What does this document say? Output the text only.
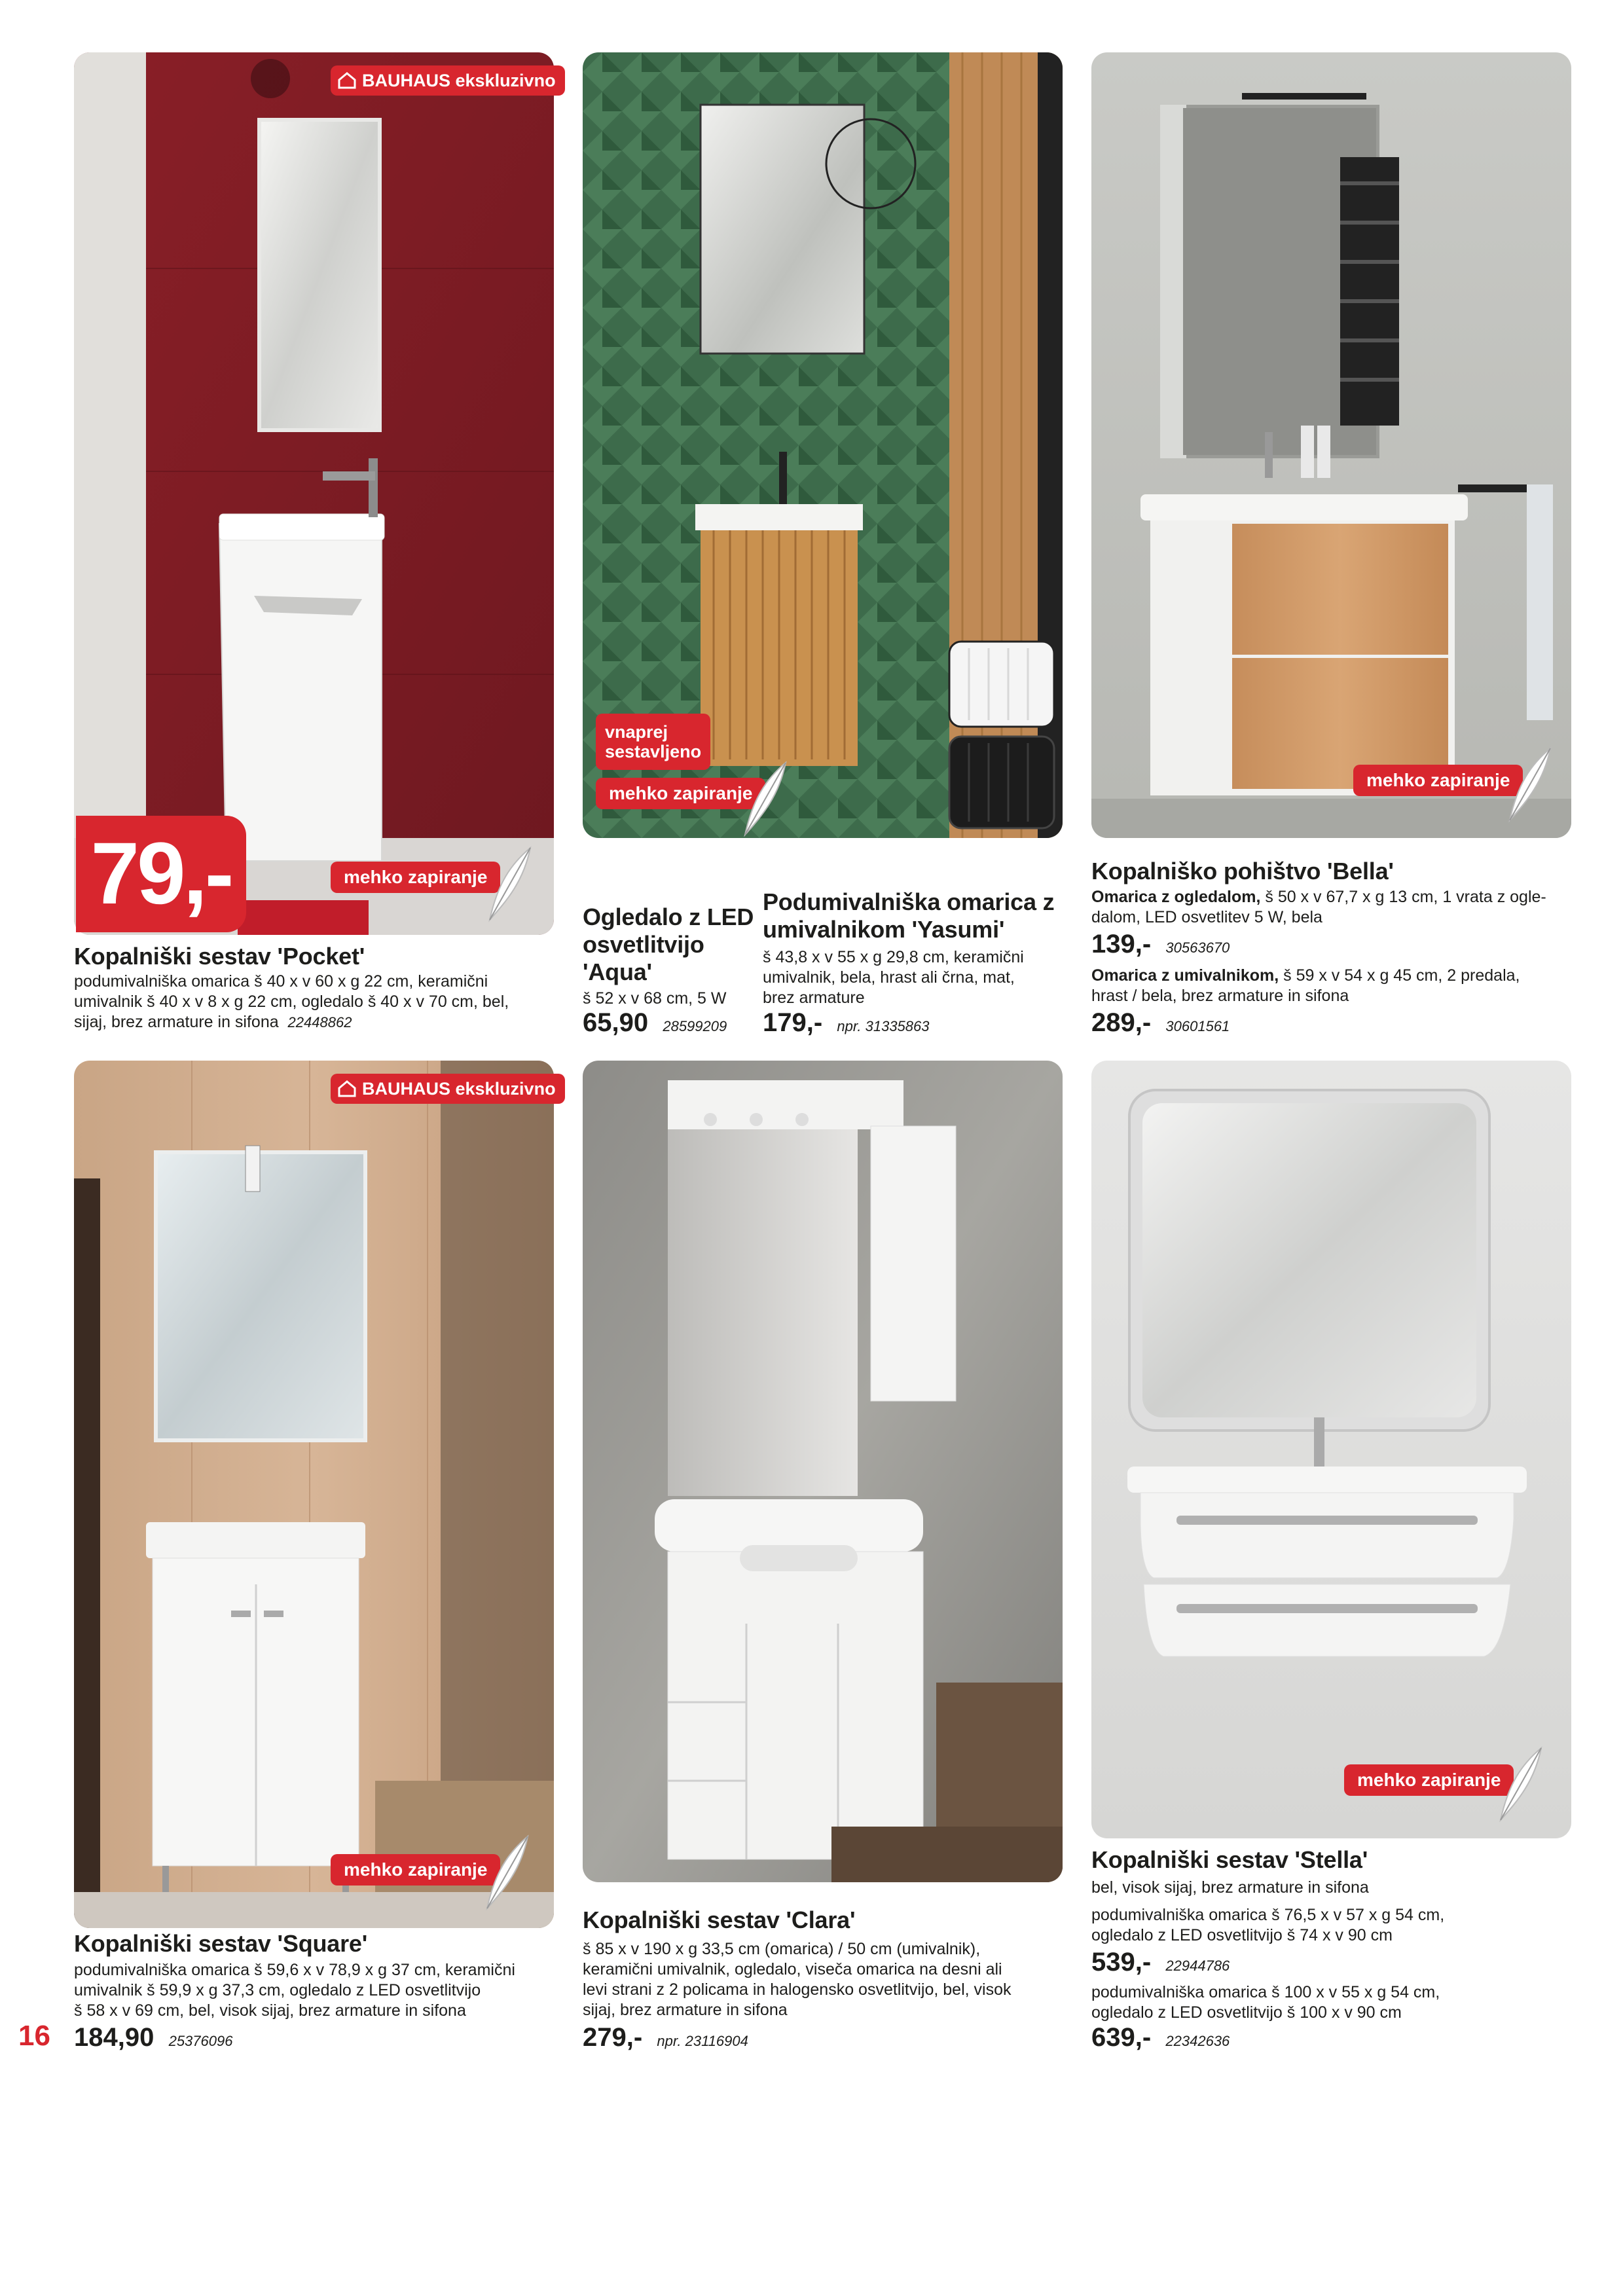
BAUHAUS ekskluzivno
79,-	mehko zapiranje
Kopalniški sestav 'Pocket'
podumivalniška omarica š 40 x v 60 x g 22 cm, keramični
umivalnik š 40 x v 8 x g 22 cm, ogledalo š 40 x v 70 cm, bel,
sijaj, brez armature in sifona 22448862
vnaprej
sestavljeno
mehko zapiranje
Ogledalo z LED
osvetlitvijo
'Aqua'
š 52 x v 68 cm, 5 W
65,90 28599209
Podumivalniška omarica z
umivalnikom 'Yasumi'
š 43,8 x v 55 x g 29,8 cm, keramični
umivalnik, bela, hrast ali črna, mat,
brez armature
179,- npr. 31335863
mehko zapiranje
Kopalniško pohištvo 'Bella'
Omarica z ogledalom, š 50 x v 67,7 x g 13 cm, 1 vrata z ogle-
dalom, LED osvetlitev 5 W, bela
139,- 30563670
Omarica z umivalnikom, š 59 x v 54 x g 45 cm, 2 predala,
hrast / bela, brez armature in sifona
289,- 30601561
BAUHAUS ekskluzivno
mehko zapiranje
Kopalniški sestav 'Square'
podumivalniška omarica š 59,6 x v 78,9 x g 37 cm, keramični
umivalnik š 59,9 x g 37,3 cm, ogledalo z LED osvetlitvijo
š 58 x v 69 cm, bel, visok sijaj, brez armature in sifona
16 184,90 25376096
Kopalniški sestav 'Clara'
š 85 x v 190 x g 33,5 cm (omarica) / 50 cm (umivalnik),
keramični umivalnik, ogledalo, viseča omarica na desni ali
levi strani z 2 policama in halogensko osvetlitvijo, bel, visok
sijaj, brez armature in sifona
279,- npr. 23116904
mehko zapiranje
Kopalniški sestav 'Stella'
bel, visok sijaj, brez armature in sifona
podumivalniška omarica š 76,5 x v 57 x g 54 cm,
ogledalo z LED osvetlitvijo š 74 x v 90 cm
539,- 22944786
podumivalniška omarica š 100 x v 55 x g 54 cm,
ogledalo z LED osvetlitvijo š 100 x v 90 cm
639,- 22342636
